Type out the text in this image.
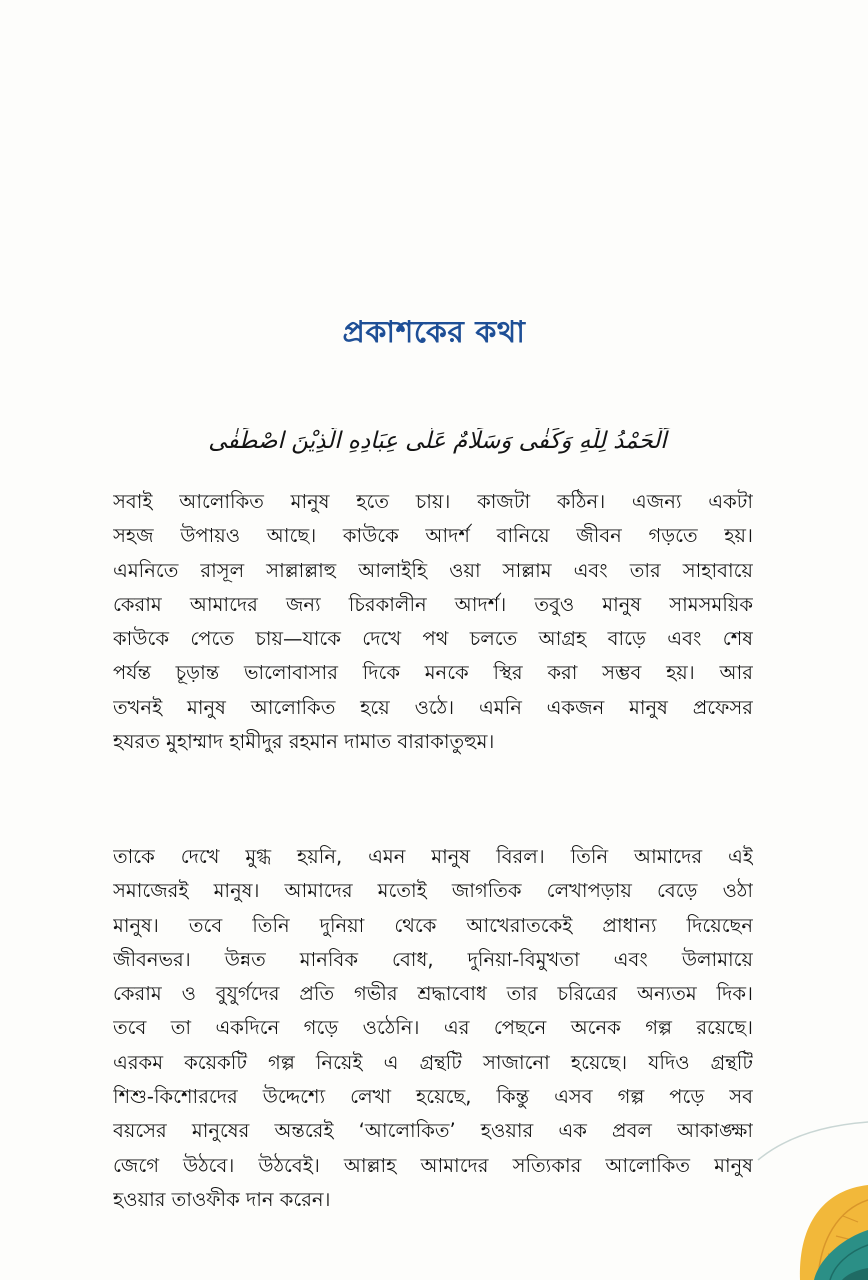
প্রকাশকের কথা

اَلْحَمْدُ لِلّٰهِ وَكَفٰى وَسَلَامٌ عَلٰى عِبَادِهِ الَّذِيْنَ اصْطَفٰى

সবাই আলোকিত মানুষ হতে চায়। কাজটা কঠিন। এজন্য একটা
সহজ উপায়ও আছে। কাউকে আদর্শ বানিয়ে জীবন গড়তে হয়।
এমনিতে রাসূল সাল্লাল্লাহু আলাইহি ওয়া সাল্লাম এবং তার সাহাবায়ে
কেরাম আমাদের জন্য চিরকালীন আদর্শ। তবুও মানুষ সামসময়িক
কাউকে পেতে চায়—যাকে দেখে পথ চলতে আগ্রহ বাড়ে এবং শেষ
পর্যন্ত চূড়ান্ত ভালোবাসার দিকে মনকে স্থির করা সম্ভব হয়। আর
তখনই মানুষ আলোকিত হয়ে ওঠে। এমনি একজন মানুষ প্রফেসর
হযরত মুহাম্মাদ হামীদুর রহমান দামাত বারাকাতুহুম।
তাকে দেখে মুগ্ধ হয়নি, এমন মানুষ বিরল। তিনি আমাদের এই
সমাজেরই মানুষ। আমাদের মতোই জাগতিক লেখাপড়ায় বেড়ে ওঠা
মানুষ। তবে তিনি দুনিয়া থেকে আখেরাতকেই প্রাধান্য দিয়েছেন
জীবনভর। উন্নত মানবিক বোধ, দুনিয়া-বিমুখতা এবং উলামায়ে
কেরাম ও বুযুর্গদের প্রতি গভীর শ্রদ্ধাবোধ তার চরিত্রের অন্যতম দিক।
তবে তা একদিনে গড়ে ওঠেনি। এর পেছনে অনেক গল্প রয়েছে।
এরকম কয়েকটি গল্প নিয়েই এ গ্রন্থটি সাজানো হয়েছে। যদিও গ্রন্থটি
শিশু-কিশোরদের উদ্দেশ্যে লেখা হয়েছে, কিন্তু এসব গল্প পড়ে সব
বয়সের মানুষের অন্তরেই ‘আলোকিত’ হওয়ার এক প্রবল আকাঙ্ক্ষা
জেগে উঠবে। উঠবেই। আল্লাহ আমাদের সত্যিকার আলোকিত মানুষ
হওয়ার তাওফীক দান করেন।
